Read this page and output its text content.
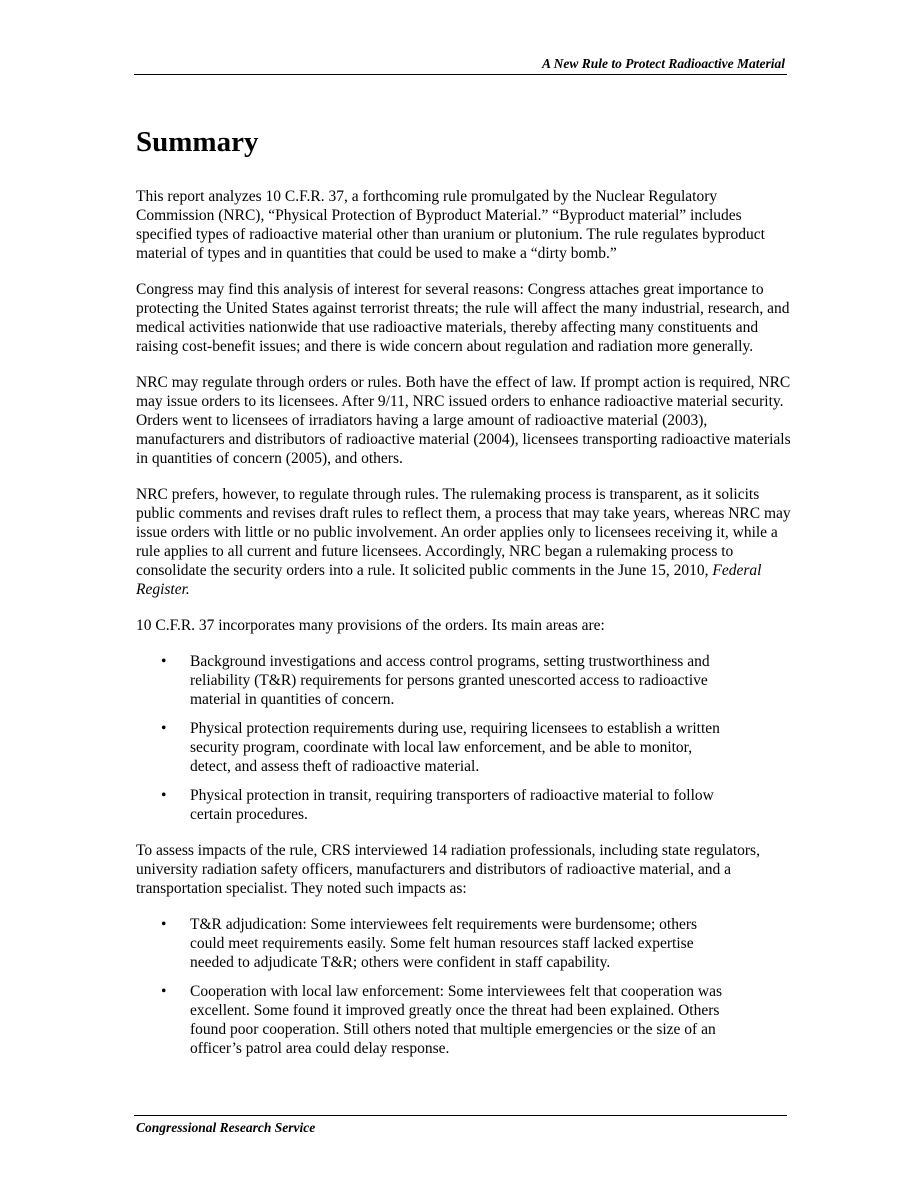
A New Rule to Protect Radioactive Material
Summary

This report analyzes 10 C.F.R. 37, a forthcoming rule promulgated by the Nuclear Regulatory Commission (NRC), “Physical Protection of Byproduct Material.” “Byproduct material” includes specified types of radioactive material other than uranium or plutonium. The rule regulates byproduct material of types and in quantities that could be used to make a “dirty bomb.”

Congress may find this analysis of interest for several reasons: Congress attaches great importance to protecting the United States against terrorist threats; the rule will affect the many industrial, research, and medical activities nationwide that use radioactive materials, thereby affecting many constituents and raising cost-benefit issues; and there is wide concern about regulation and radiation more generally.

NRC may regulate through orders or rules. Both have the effect of law. If prompt action is required, NRC may issue orders to its licensees. After 9/11, NRC issued orders to enhance radioactive material security. Orders went to licensees of irradiators having a large amount of radioactive material (2003), manufacturers and distributors of radioactive material (2004), licensees transporting radioactive materials in quantities of concern (2005), and others.

NRC prefers, however, to regulate through rules. The rulemaking process is transparent, as it solicits public comments and revises draft rules to reflect them, a process that may take years, whereas NRC may issue orders with little or no public involvement. An order applies only to licensees receiving it, while a rule applies to all current and future licensees. Accordingly, NRC began a rulemaking process to consolidate the security orders into a rule. It solicited public comments in the June 15, 2010, Federal Register.

10 C.F.R. 37 incorporates many provisions of the orders. Its main areas are:

• Background investigations and access control programs, setting trustworthiness and reliability (T&R) requirements for persons granted unescorted access to radioactive material in quantities of concern.
• Physical protection requirements during use, requiring licensees to establish a written security program, coordinate with local law enforcement, and be able to monitor, detect, and assess theft of radioactive material.
• Physical protection in transit, requiring transporters of radioactive material to follow certain procedures.

To assess impacts of the rule, CRS interviewed 14 radiation professionals, including state regulators, university radiation safety officers, manufacturers and distributors of radioactive material, and a transportation specialist. They noted such impacts as:

• T&R adjudication: Some interviewees felt requirements were burdensome; others could meet requirements easily. Some felt human resources staff lacked expertise needed to adjudicate T&R; others were confident in staff capability.
• Cooperation with local law enforcement: Some interviewees felt that cooperation was excellent. Some found it improved greatly once the threat had been explained. Others found poor cooperation. Still others noted that multiple emergencies or the size of an officer’s patrol area could delay response.
Congressional Research Service
